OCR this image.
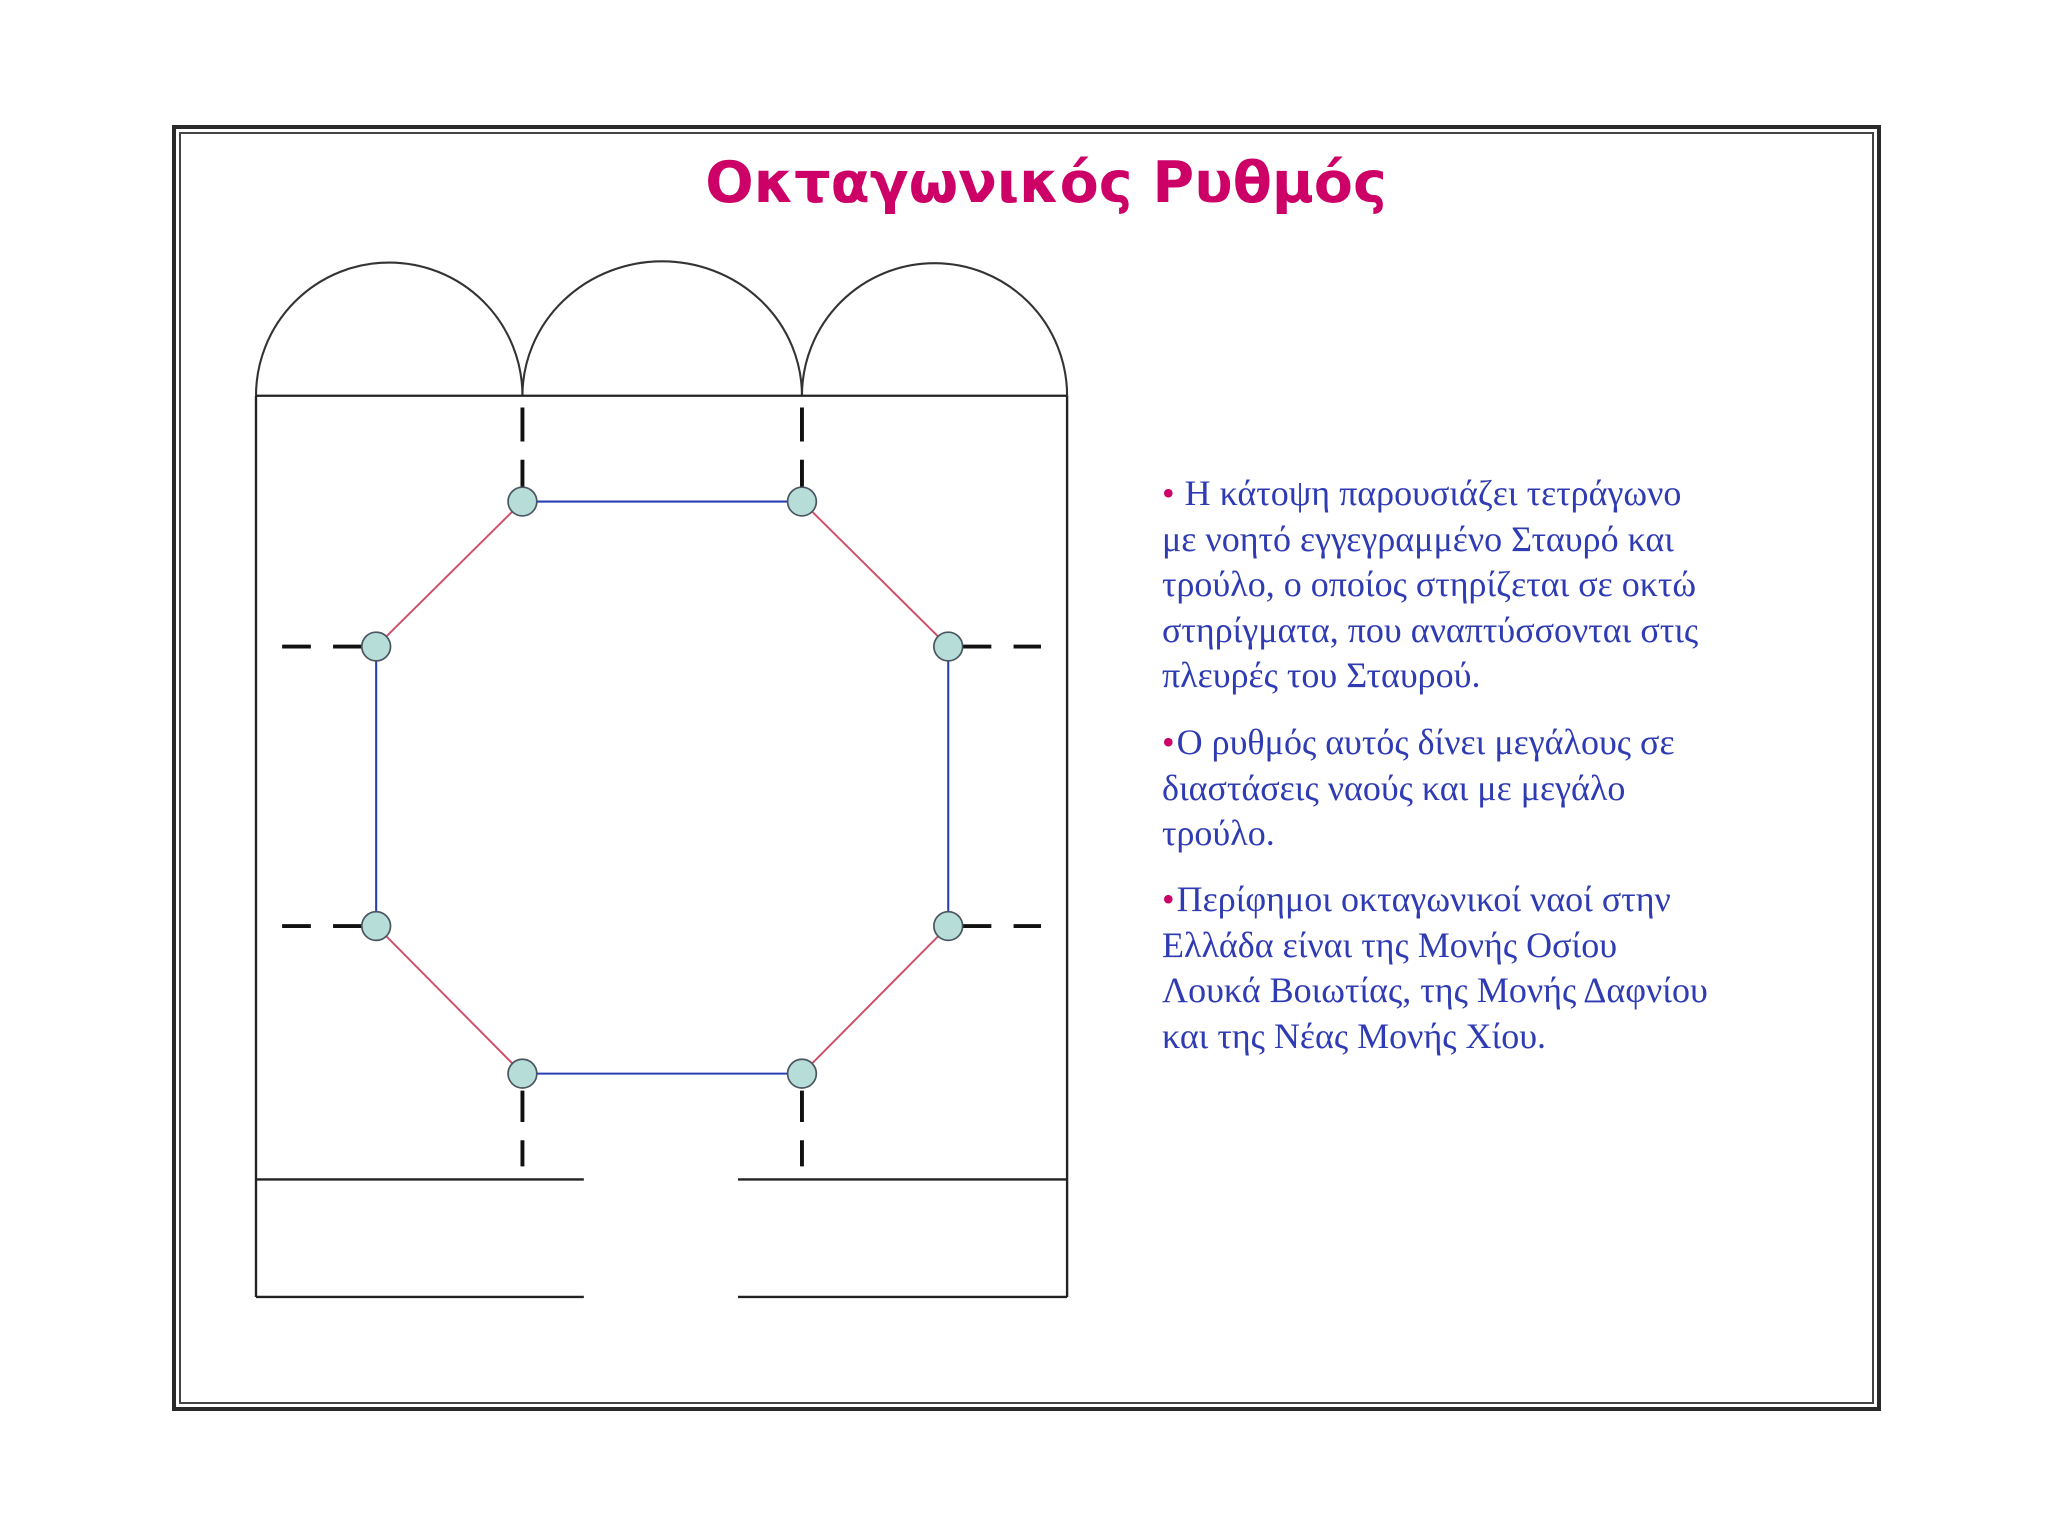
Οκταγωνικός Ρυθμός
• Η κάτοψη παρουσιάζει τετράγωνο
με νοητό εγγεγραμμένο Σταυρό και
τρούλο, ο οποίος στηρίζεται σε οκτώ
στηρίγματα, που αναπτύσσονται στις
πλευρές του Σταυρού.
•Ο ρυθμός αυτός δίνει μεγάλους σε
διαστάσεις ναούς και με μεγάλο
τρούλο.
•Περίφημοι οκταγωνικοί ναοί στην
Ελλάδα είναι της Μονής Οσίου
Λουκά Βοιωτίας, της Μονής Δαφνίου
και της Νέας Μονής Χίου.
